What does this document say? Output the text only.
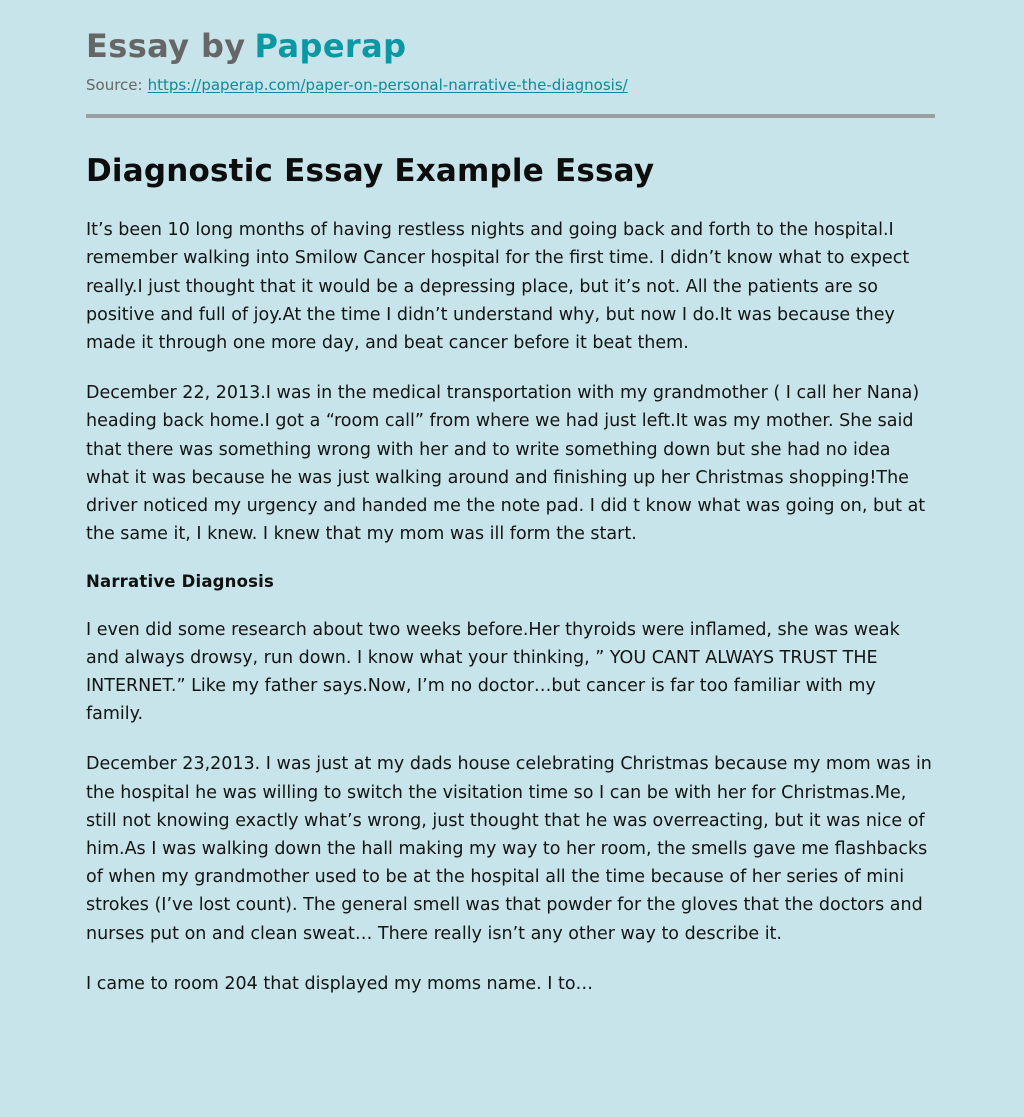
Essay by Paperap
Source: https://paperap.com/paper-on-personal-narrative-the-diagnosis/
Diagnostic Essay Example Essay

It’s been 10 long months of having restless nights and going back and forth to the hospital.I remember walking into Smilow Cancer hospital for the first time. I didn’t know what to expect really.I just thought that it would be a depressing place, but it’s not. All the patients are so positive and full of joy.At the time I didn’t understand why, but now I do.It was because they made it through one more day, and beat cancer before it beat them.

December 22, 2013.I was in the medical transportation with my grandmother ( I call her Nana) heading back home.I got a “room call” from where we had just left.It was my mother. She said that there was something wrong with her and to write something down but she had no idea what it was because he was just walking around and finishing up her Christmas shopping!The driver noticed my urgency and handed me the note pad. I did t know what was going on, but at the same it, I knew. I knew that my mom was ill form the start.

Narrative Diagnosis

I even did some research about two weeks before.Her thyroids were inflamed, she was weak and always drowsy, run down. I know what your thinking, ” YOU CANT ALWAYS TRUST THE INTERNET.” Like my father says.Now, I’m no doctor…but cancer is far too familiar with my family.

December 23,2013. I was just at my dads house celebrating Christmas because my mom was in the hospital he was willing to switch the visitation time so I can be with her for Christmas.Me, still not knowing exactly what’s wrong, just thought that he was overreacting, but it was nice of him.As I was walking down the hall making my way to her room, the smells gave me flashbacks of when my grandmother used to be at the hospital all the time because of her series of mini strokes (I’ve lost count). The general smell was that powder for the gloves that the doctors and nurses put on and clean sweat… There really isn’t any other way to describe it.

I came to room 204 that displayed my moms name. I to…
